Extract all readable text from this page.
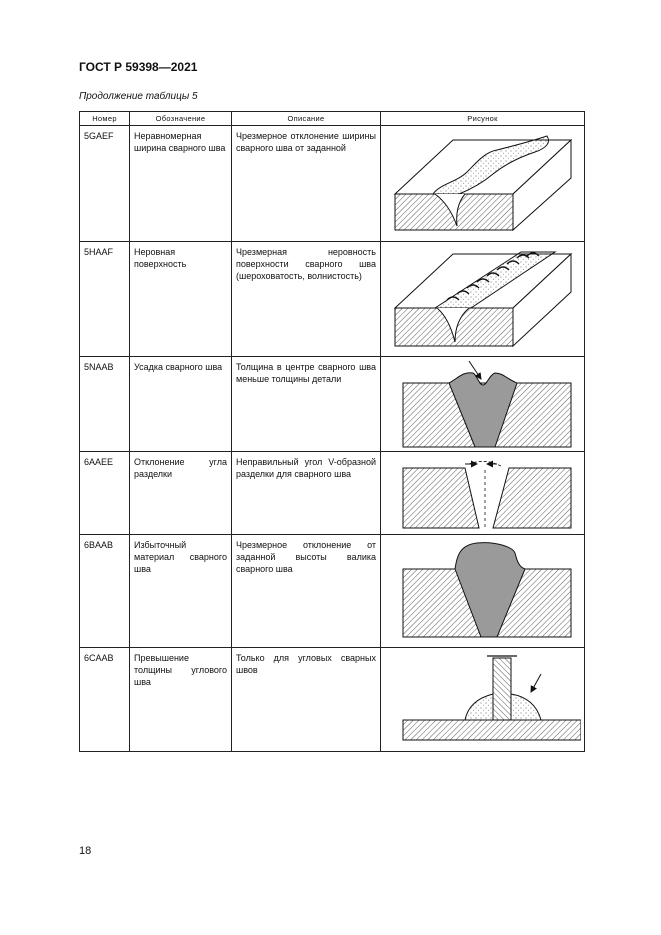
ГОСТ Р 59398—2021
Продолжение таблицы 5
Номер	Обозначение	Описание	Рисунок
5GAEF	Неравномерная ширина сварного шва	Чрезмерное отклонение ширины сварного шва от заданной	

5HAAF	Неровная поверхность	Чрезмерная неровность поверхности сварного шва (шероховатость, волнистость)	

5NAAB	Усадка сварного шва	Толщина в центре сварного шва меньше толщины детали	

6AAEE	Отклонение угла разделки	Неправильный угол V-образной разделки для сварного шва	

6BAAB	Избыточный материал сварного шва	Чрезмерное отклонение от заданной высоты валика сварного шва	

6CAAB	Превышение толщины углового шва	Только для угловых сварных швов	
18
